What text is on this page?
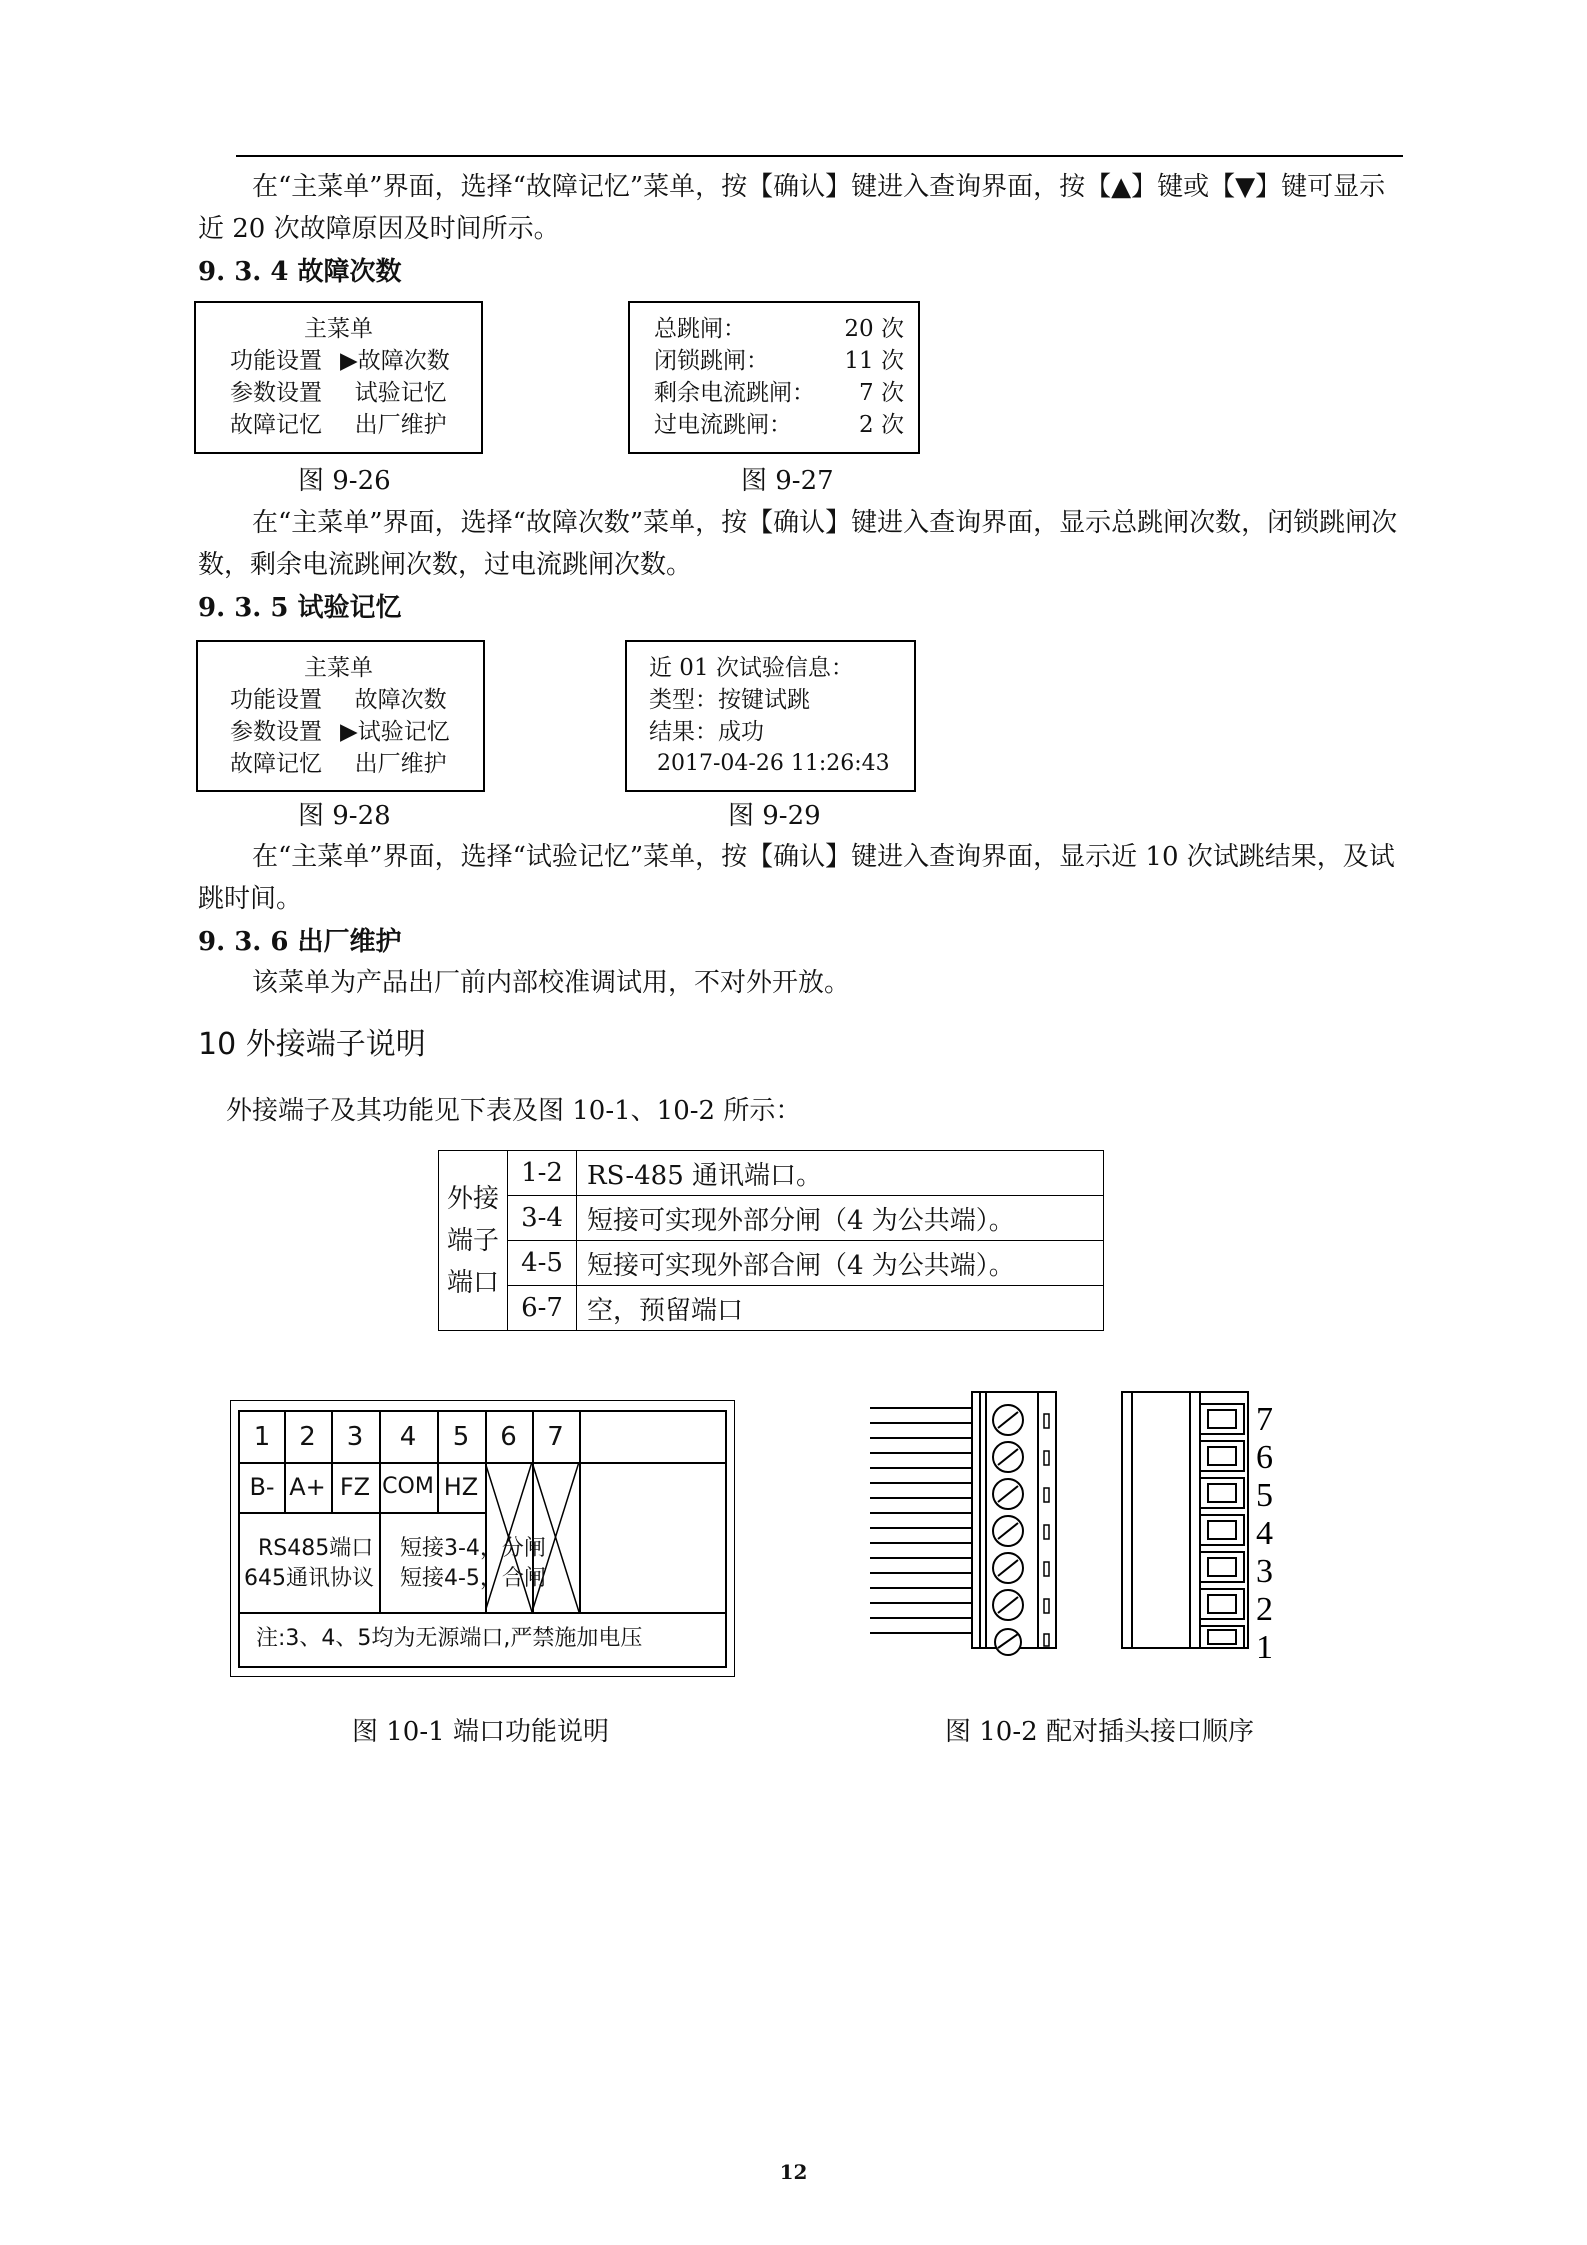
在“主菜单”界面，选择“故障记忆”菜单，按【确认】键进入查询界面，按【▲】键或【▼】键可显示近 20 次故障原因及时间所示。
9. 3. 4 故障次数
主菜单
功能设置 ▶故障次数
参数设置 试验记忆
故障记忆 出厂维护
总跳闸：	20 次
闭锁跳闸：	11 次
剩余电流跳闸： 7 次
过电流跳闸：	2 次
图 9-26	图 9-27
在“主菜单”界面，选择“故障次数”菜单，按【确认】键进入查询界面，显示总跳闸次数，闭锁跳闸次数，剩余电流跳闸次数，过电流跳闸次数。
9. 3. 5 试验记忆
主菜单
功能设置 故障次数
参数设置 ▶试验记忆
故障记忆 出厂维护
近 01 次试验信息：
类型：按键试跳
结果：成功
2017-04-26 11:26:43
图 9-28	图 9-29
在“主菜单”界面，选择“试验记忆”菜单，按【确认】键进入查询界面，显示近 10 次试跳结果，及试跳时间。
9. 3. 6 出厂维护
该菜单为产品出厂前内部校准调试用，不对外开放。
10 外接端子说明
外接端子及其功能见下表及图 10-1、10-2 所示：
外接
端子
端口	1-2	RS-485 通讯端口。
	3-4	短接可实现外部分闸（4 为公共端）。
	4-5	短接可实现外部合闸（4 为公共端）。
	6-7	空，预留端口
1	2	3	4	5	6	7
B- A+ FZ COM HZ
RS485端口
645通讯协议
短接3-4，分闸
短接4-5，合闸
注:3、4、5均为无源端口,严禁施加电压
图 10-1 端口功能说明
7
6
5
4
3
2
1
图 10-2 配对插头接口顺序
12
